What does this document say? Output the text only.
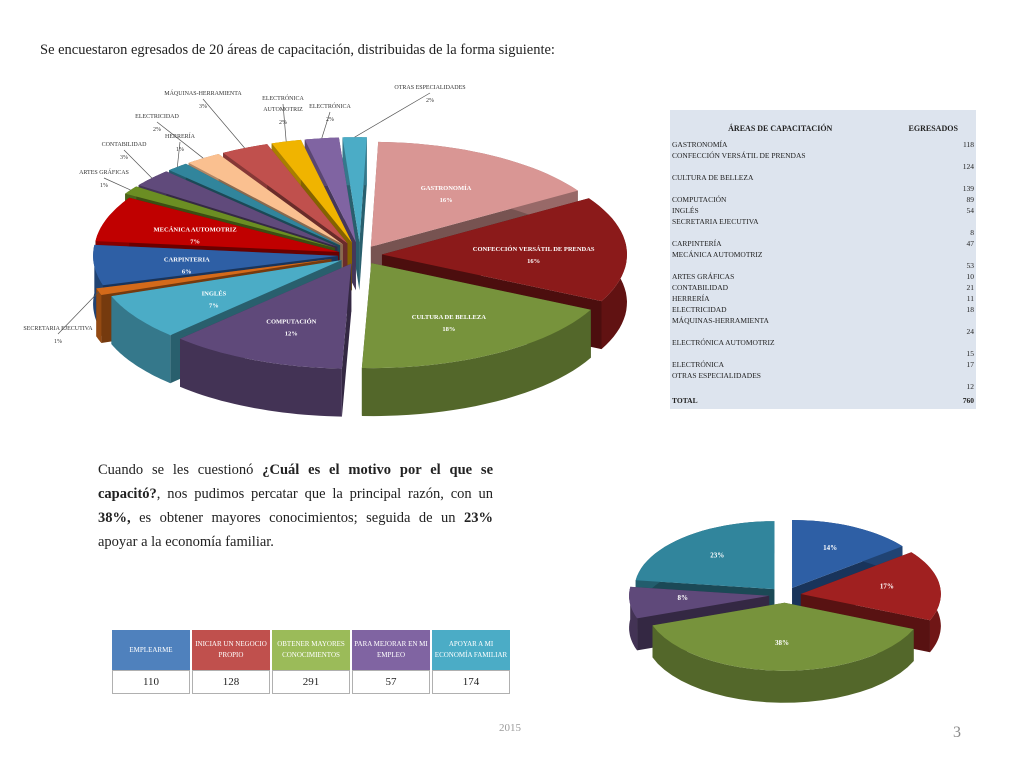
Se encuestaron egresados de 20 áreas de capacitación, distribuidas de la forma siguiente:
GASTRONOMÍA
16%
CONFECCIÓN VERSÁTIL DE PRENDAS
16%
CULTURA DE BELLEZA
18%
COMPUTACIÓN
12%
INGLÉS
7%
CARPINTERIA
6%
MECÁNICA AUTOMOTRIZ
7%
SECRETARIA EJECUTIVA
1%
ARTES GRÁFICAS
1%
CONTABILIDAD
3%
HERRERÍA
1%
ELECTRICIDAD
2%
MÁQUINAS-HERRAMIENTA
3%
ELECTRÓNICA
AUTOMOTRIZ
2%
ELECTRÓNICA
2%
OTRAS ESPECIALIDADES
2%
ÁREAS DE CAPACITACIÓN	EGRESADOS
GASTRONOMÍA	118
CONFECCIÓN VERSÁTIL DE PRENDAS	124
CULTURA DE BELLEZA	139
COMPUTACIÓN	89
INGLÉS	54
SECRETARIA EJECUTIVA	8
CARPINTERÍA	47
MECÁNICA AUTOMOTRIZ	53
ARTES GRÁFICAS	10
CONTABILIDAD	21
HERRERÍA	11
ELECTRICIDAD	18
MÁQUINAS-HERRAMIENTA	24
ELECTRÓNICA AUTOMOTRIZ	15
ELECTRÓNICA	17
OTRAS ESPECIALIDADES	12
TOTAL	760
Cuando se les cuestionó ¿Cuál es el motivo por el que se capacitó?, nos pudimos percatar que la principal razón, con un 38%, es obtener mayores conocimientos; seguida de un 23% apoyar a la economía familiar.
EMPLEARME	INICIAR UN NEGOCIO PROPIO	OBTENER MAYORES CONOCIMIENTOS	PARA MEJORAR EN MI EMPLEO	APOYAR A MI ECONOMÍA FAMILIAR
110	128	291	57	174
14%
17%
38%
8%
23%
2015	3
